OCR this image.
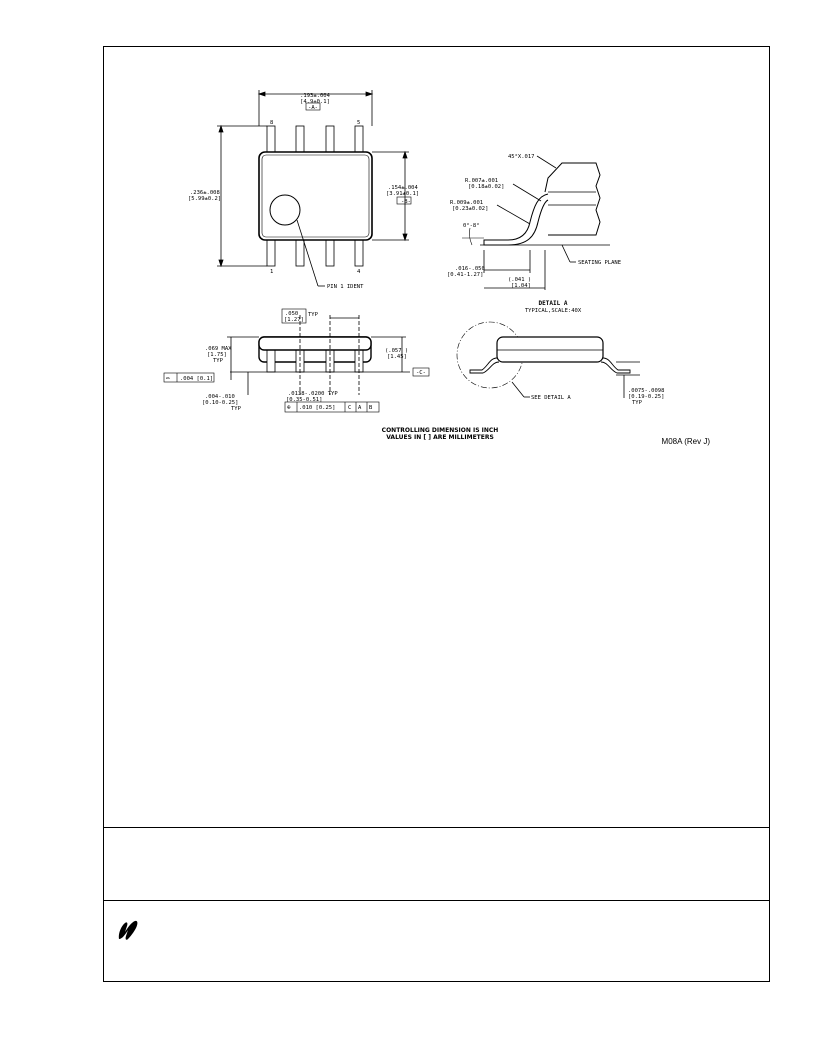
.193±.004
[4.9±0.1]
-A-
.236±.008
[5.99±0.2]
.154±.004
[3.91±0.1]
-B-
8	5
1	4
PIN 1 IDENT
45°X.017
R.007±.001
[0.18±0.02]
R.009±.001
[0.23±0.02]
0°-8°
.016-.050
[0.41-1.27]
(.041 )
[1.04]
SEATING PLANE
DETAIL A
TYPICAL,SCALE:40X
.050
[1.27]
TYP
.069 MAX
[1.75]
TYP
.004 [0.1]
.004-.010
[0.10-0.25]
TYP
(.057 )
[1.45]
-C-
.0138-.0200 TYP
[0.35-0.51]
.010 [0.25] C A B
⊕
⌓
SEE DETAIL A
.0075-.0098
[0.19-0.25]
TYP
CONTROLLING DIMENSION IS INCH
VALUES IN [ ] ARE MILLIMETERS	M08A (Rev J)
